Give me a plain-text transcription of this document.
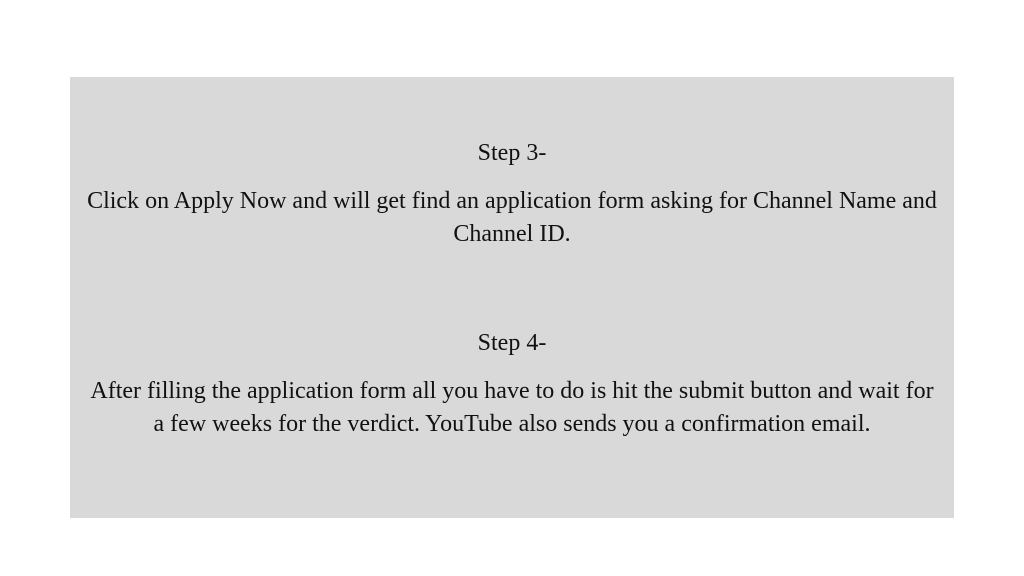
Step 3-

Click on Apply Now and will get find an application form asking for Channel Name and Channel ID.

Step 4-

After filling the application form all you have to do is hit the submit button and wait for a few weeks for the verdict. YouTube also sends you a confirmation email.
